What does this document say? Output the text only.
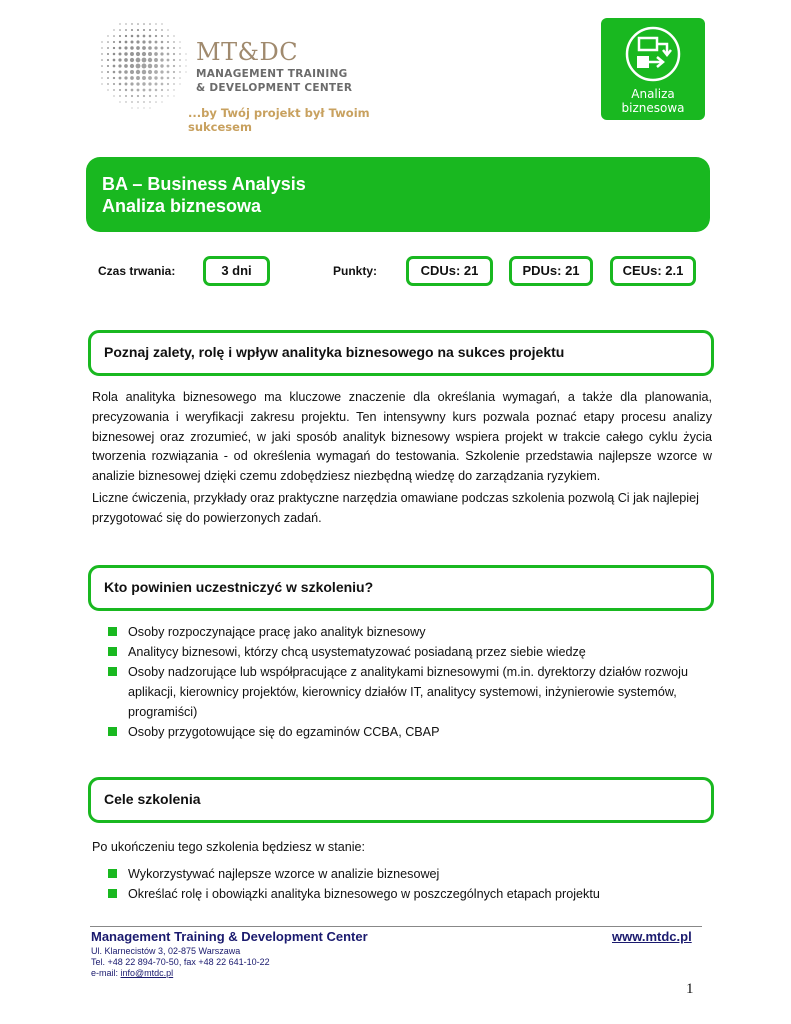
MT&DC
MANAGEMENT TRAINING
& DEVELOPMENT CENTER
...by Twój projekt był Twoim sukcesem
Analiza
biznesowa
BA – Business Analysis
Analiza biznesowa
Czas trwania:	3 dni	Punkty:	CDUs: 21	PDUs: 21	CEUs: 2.1
Poznaj zalety, rolę i wpływ analityka biznesowego na sukces projektu
Rola analityka biznesowego ma kluczowe znaczenie dla określania wymagań, a także dla planowania, precyzowania i weryfikacji zakresu projektu. Ten intensywny kurs pozwala poznać etapy procesu analizy biznesowej oraz zrozumieć, w jaki sposób analityk biznesowy wspiera projekt w trakcie całego cyklu życia tworzenia rozwiązania - od określenia wymagań do testowania. Szkolenie przedstawia najlepsze wzorce w analizie biznesowej dzięki czemu zdobędziesz niezbędną wiedzę do zarządzania ryzykiem.
Liczne ćwiczenia, przykłady oraz praktyczne narzędzia omawiane podczas szkolenia pozwolą Ci jak najlepiej przygotować się do powierzonych zadań.
Kto powinien uczestniczyć w szkoleniu?
Osoby rozpoczynające pracę jako analityk biznesowy
Analitycy biznesowi, którzy chcą usystematyzować posiadaną przez siebie wiedzę
Osoby nadzorujące lub współpracujące z analitykami biznesowymi (m.in. dyrektorzy działów rozwoju aplikacji, kierownicy projektów, kierownicy działów IT, analitycy systemowi, inżynierowie systemów, programiści)
Osoby przygotowujące się do egzaminów CCBA, CBAP
Cele szkolenia
Po ukończeniu tego szkolenia będziesz w stanie:
Wykorzystywać najlepsze wzorce w analizie biznesowej
Określać rolę i obowiązki analityka biznesowego w poszczególnych etapach projektu
Management Training & Development Center	www.mtdc.pl
Ul. Klarnecistów 3, 02-875 Warszawa
Tel. +48 22 894-70-50, fax +48 22 641-10-22
e-mail: info@mtdc.pl
1
